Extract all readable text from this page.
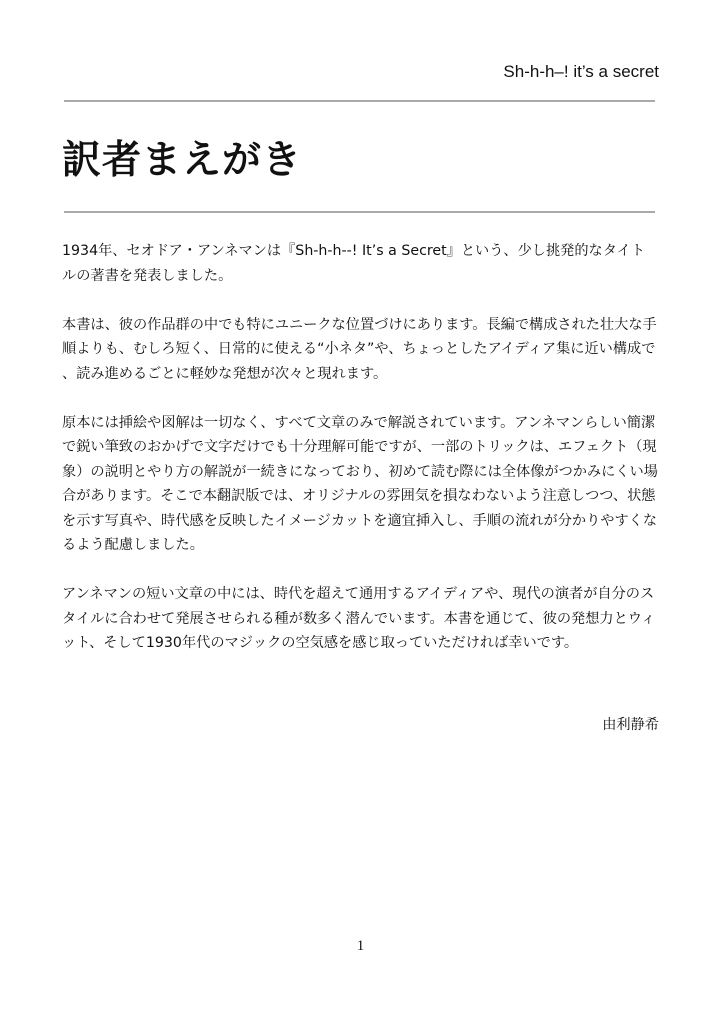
Sh-h-h–! it’s a secret
訳者まえがき

1934年、セオドア・アンネマンは『Sh-h-h--! It’s a Secret』という、少し挑発的なタイトルの著書を発表しました。

本書は、彼の作品群の中でも特にユニークな位置づけにあります。長編で構成された壮大な手順よりも、むしろ短く、日常的に使える“小ネタ”や、ちょっとしたアイディア集に近い構成で、読み進めるごとに軽妙な発想が次々と現れます。

原本には挿絵や図解は一切なく、すべて文章のみで解説されています。アンネマンらしい簡潔で鋭い筆致のおかげで文字だけでも十分理解可能ですが、一部のトリックは、エフェクト（現象）の説明とやり方の解説が一続きになっており、初めて読む際には全体像がつかみにくい場合があります。そこで本翻訳版では、オリジナルの雰囲気を損なわないよう注意しつつ、状態を示す写真や、時代感を反映したイメージカットを適宜挿入し、手順の流れが分かりやすくなるよう配慮しました。

アンネマンの短い文章の中には、時代を超えて通用するアイディアや、現代の演者が自分のスタイルに合わせて発展させられる種が数多く潜んでいます。本書を通じて、彼の発想力とウィット、そして1930年代のマジックの空気感を感じ取っていただければ幸いです。

由利静希
1
